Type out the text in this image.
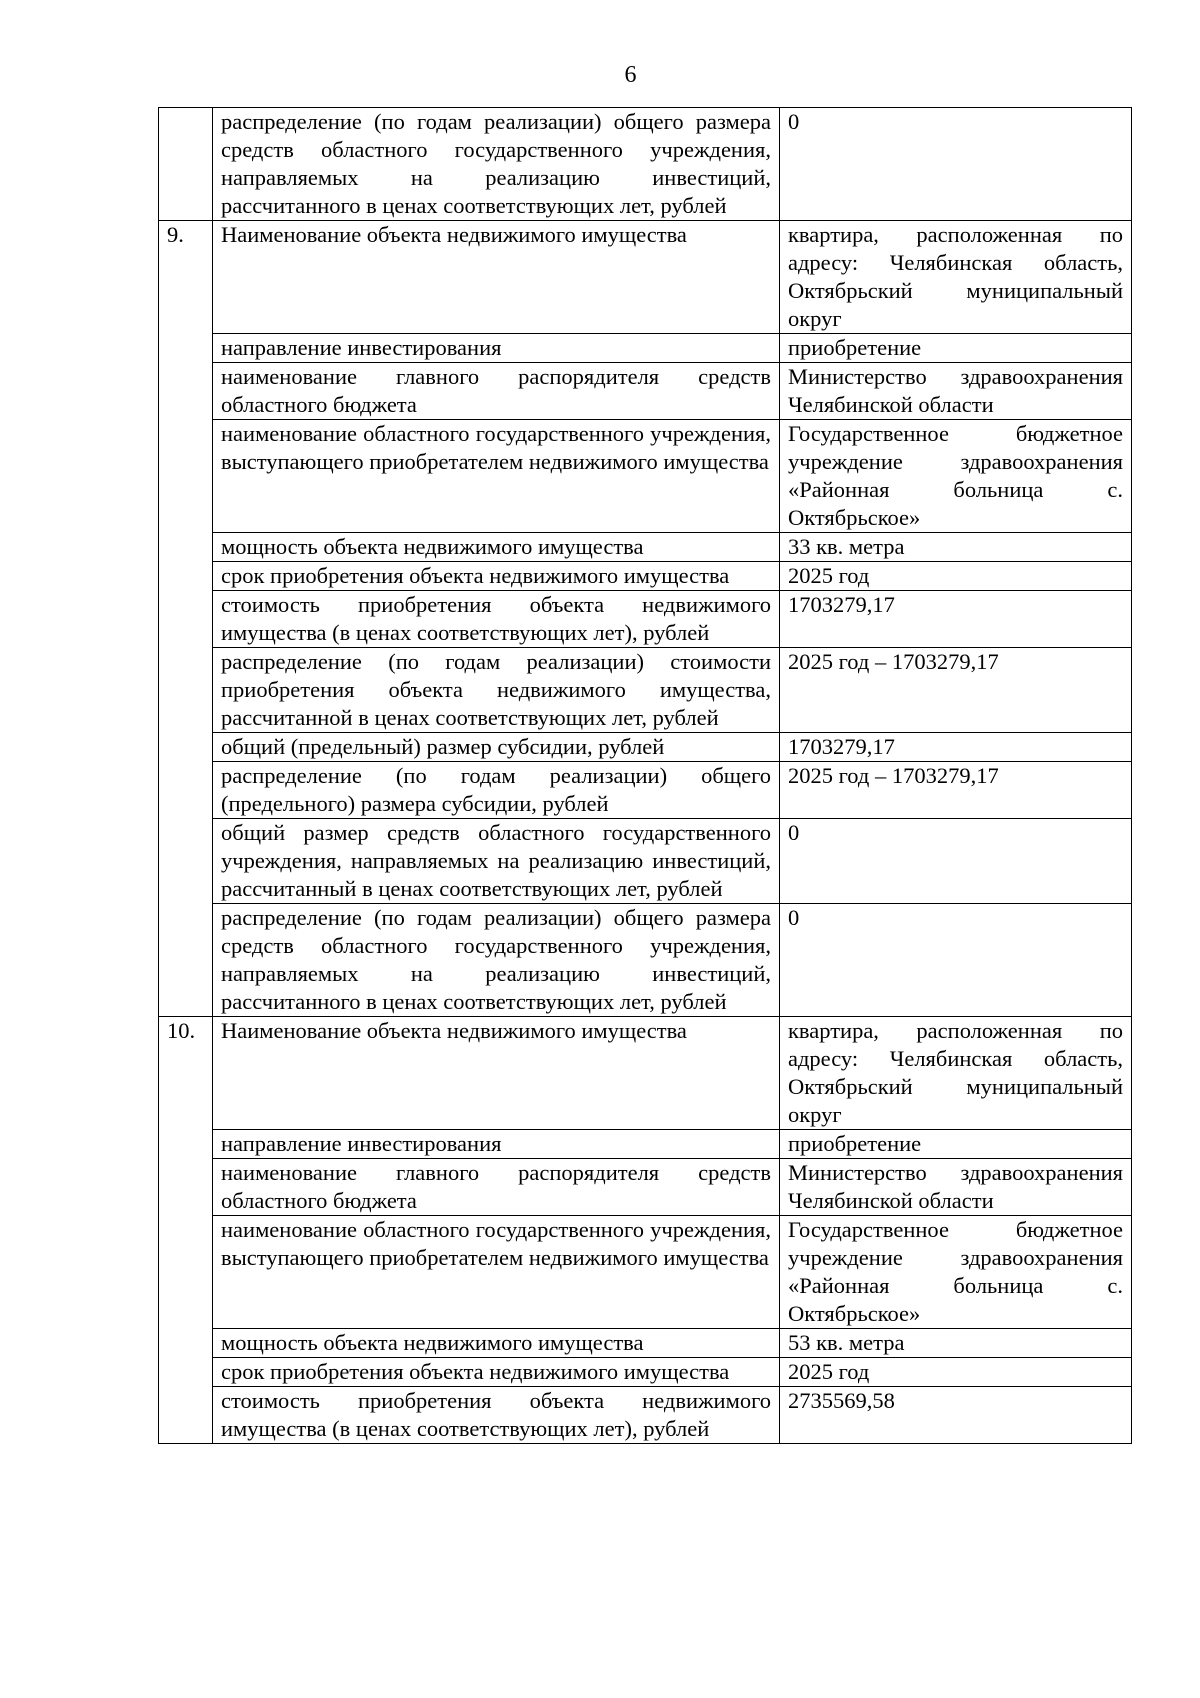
6
	распределение (по годам реализации) общего размера средств областного государственного учреждения, направляемых на реализацию инвестиций, рассчитанного в ценах соответствующих лет, рублей	0
9.	Наименование объекта недвижимого имущества	квартира, расположенная по адресу: Челябинская область, Октябрьский муниципальный округ
	направление инвестирования	приобретение
	наименование главного распорядителя средств областного бюджета	Министерство здравоохранения Челябинской области
	наименование областного государственного учреждения, выступающего приобретателем недвижимого имущества	Государственное бюджетное учреждение здравоохранения «Районная больница с. Октябрьское»
	мощность объекта недвижимого имущества	33 кв. метра
	срок приобретения объекта недвижимого имущества	2025 год
	стоимость приобретения объекта недвижимого имущества (в ценах соответствующих лет), рублей	1703279,17
	распределение (по годам реализации) стоимости приобретения объекта недвижимого имущества, рассчитанной в ценах соответствующих лет, рублей	2025 год – 1703279,17
	общий (предельный) размер субсидии, рублей	1703279,17
	распределение (по годам реализации) общего (предельного) размера субсидии, рублей	2025 год – 1703279,17
	общий размер средств областного государственного учреждения, направляемых на реализацию инвестиций, рассчитанный в ценах соответствующих лет, рублей	0
	распределение (по годам реализации) общего размера средств областного государственного учреждения, направляемых на реализацию инвестиций, рассчитанного в ценах соответствующих лет, рублей	0
10.	Наименование объекта недвижимого имущества	квартира, расположенная по адресу: Челябинская область, Октябрьский муниципальный округ
	направление инвестирования	приобретение
	наименование главного распорядителя средств областного бюджета	Министерство здравоохранения Челябинской области
	наименование областного государственного учреждения, выступающего приобретателем недвижимого имущества	Государственное бюджетное учреждение здравоохранения «Районная больница с. Октябрьское»
	мощность объекта недвижимого имущества	53 кв. метра
	срок приобретения объекта недвижимого имущества	2025 год
	стоимость приобретения объекта недвижимого имущества (в ценах соответствующих лет), рублей	2735569,58
